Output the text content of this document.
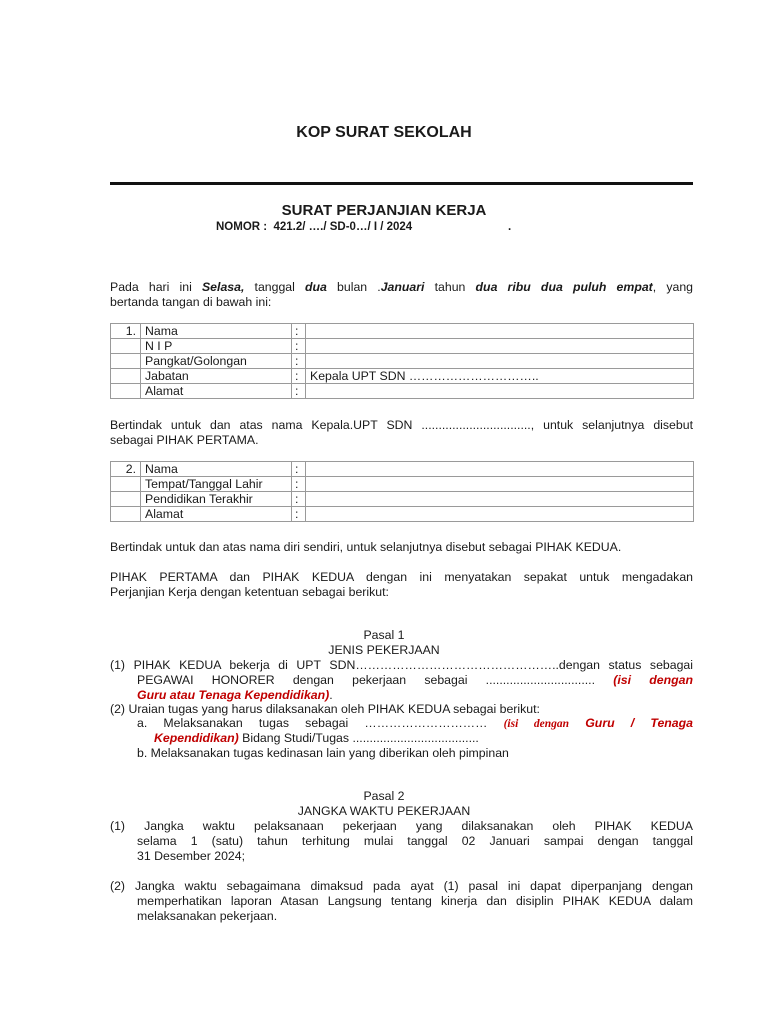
KOP SURAT SEKOLAH
SURAT PERJANJIAN KERJA
NOMOR :  421.2/ …./ SD-0…/ I / 2024                              .
Pada hari ini Selasa, tanggal dua bulan .Januari tahun dua ribu dua puluh empat, yang
bertanda tangan di bawah ini:
1.	Nama	:	
	N I P	:	
	Pangkat/Golongan	:	
	Jabatan	:	Kepala UPT SDN …………………………..
	Alamat	:	
Bertindak untuk dan atas nama Kepala.UPT SDN ................................, untuk selanjutnya disebut
sebagai PIHAK PERTAMA.
2.	Nama	:	
	Tempat/Tanggal Lahir	:	
	Pendidikan Terakhir	:	
	Alamat	:	
Bertindak untuk dan atas nama diri sendiri, untuk selanjutnya disebut sebagai PIHAK KEDUA.
PIHAK PERTAMA dan PIHAK KEDUA dengan ini menyatakan sepakat untuk mengadakan
Perjanjian Kerja dengan ketentuan sebagai berikut:
Pasal 1
JENIS PEKERJAAN
(1) PIHAK KEDUA bekerja di UPT SDN…………………………………………..dengan status sebagai
PEGAWAI HONORER dengan pekerjaan sebagai ................................ (isi dengan
Guru atau Tenaga Kependidikan).
(2) Uraian tugas yang harus dilaksanakan oleh PIHAK KEDUA sebagai berikut:
a. Melaksanakan tugas sebagai ………………………… (isi dengan Guru / Tenaga
Kependidikan) Bidang Studi/Tugas .....................................
b. Melaksanakan tugas kedinasan lain yang diberikan oleh pimpinan
Pasal 2
JANGKA WAKTU PEKERJAAN
(1) Jangka waktu pelaksanaan pekerjaan yang dilaksanakan oleh PIHAK KEDUA
selama 1 (satu) tahun terhitung mulai tanggal 02 Januari sampai dengan tanggal
31 Desember 2024;
(2) Jangka waktu sebagaimana dimaksud pada ayat (1) pasal ini dapat diperpanjang dengan
memperhatikan laporan Atasan Langsung tentang kinerja dan disiplin PIHAK KEDUA dalam
melaksanakan pekerjaan.
